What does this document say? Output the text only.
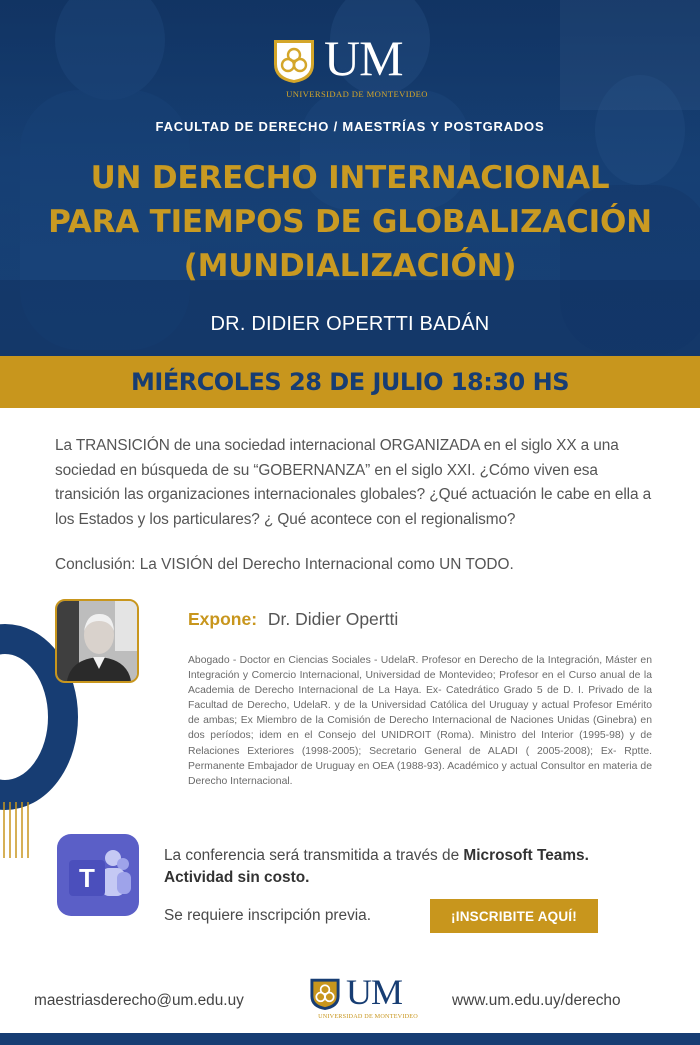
UM
UNIVERSIDAD DE MONTEVIDEO
FACULTAD DE DERECHO / MAESTRÍAS Y POSTGRADOS
UN DERECHO INTERNACIONAL
PARA TIEMPOS DE GLOBALIZACIÓN
(MUNDIALIZACIÓN)
DR. DIDIER OPERTTI BADÁN
MIÉRCOLES 28 DE JULIO 18:30 HS

La TRANSICIÓN de una sociedad internacional ORGANIZADA en el siglo XX a una sociedad en búsqueda de su “GOBERNANZA” en el siglo XXI. ¿Cómo viven esa transición las organizaciones internacionales globales? ¿Qué actuación le cabe en ella a los Estados y los particulares? ¿ Qué acontece con el regionalismo?

Conclusión: La VISIÓN del Derecho Internacional como UN TODO.

Expone: Dr. Didier Opertti

Abogado - Doctor en Ciencias Sociales - UdelaR. Profesor en Derecho de la Integración, Máster en Integración y Comercio Internacional, Universidad de Montevideo; Profesor en el Curso anual de la Academia de Derecho Internacional de La Haya. Ex- Catedrático Grado 5 de D. I. Privado de la Facultad de Derecho, UdelaR. y de la Universidad Católica del Uruguay y actual Profesor Emérito de ambas; Ex Miembro de la Comisión de Derecho Internacional de Naciones Unidas (Ginebra) en dos períodos; idem en el Consejo del UNIDROIT (Roma). Ministro del Interior (1995-98) y de Relaciones Exteriores (1998-2005); Secretario General de ALADI ( 2005-2008); Ex- Rptte. Permanente Embajador de Uruguay en OEA (1988-93). Académico y actual Consultor en materia de Derecho Internacional.

T
La conferencia será transmitida a través de Microsoft Teams.
Actividad sin costo.
Se requiere inscripción previa.	¡INSCRIBITE AQUÍ!
maestriasderecho@um.edu.uy	UM
UNIVERSIDAD DE MONTEVIDEO
www.um.edu.uy/derecho
